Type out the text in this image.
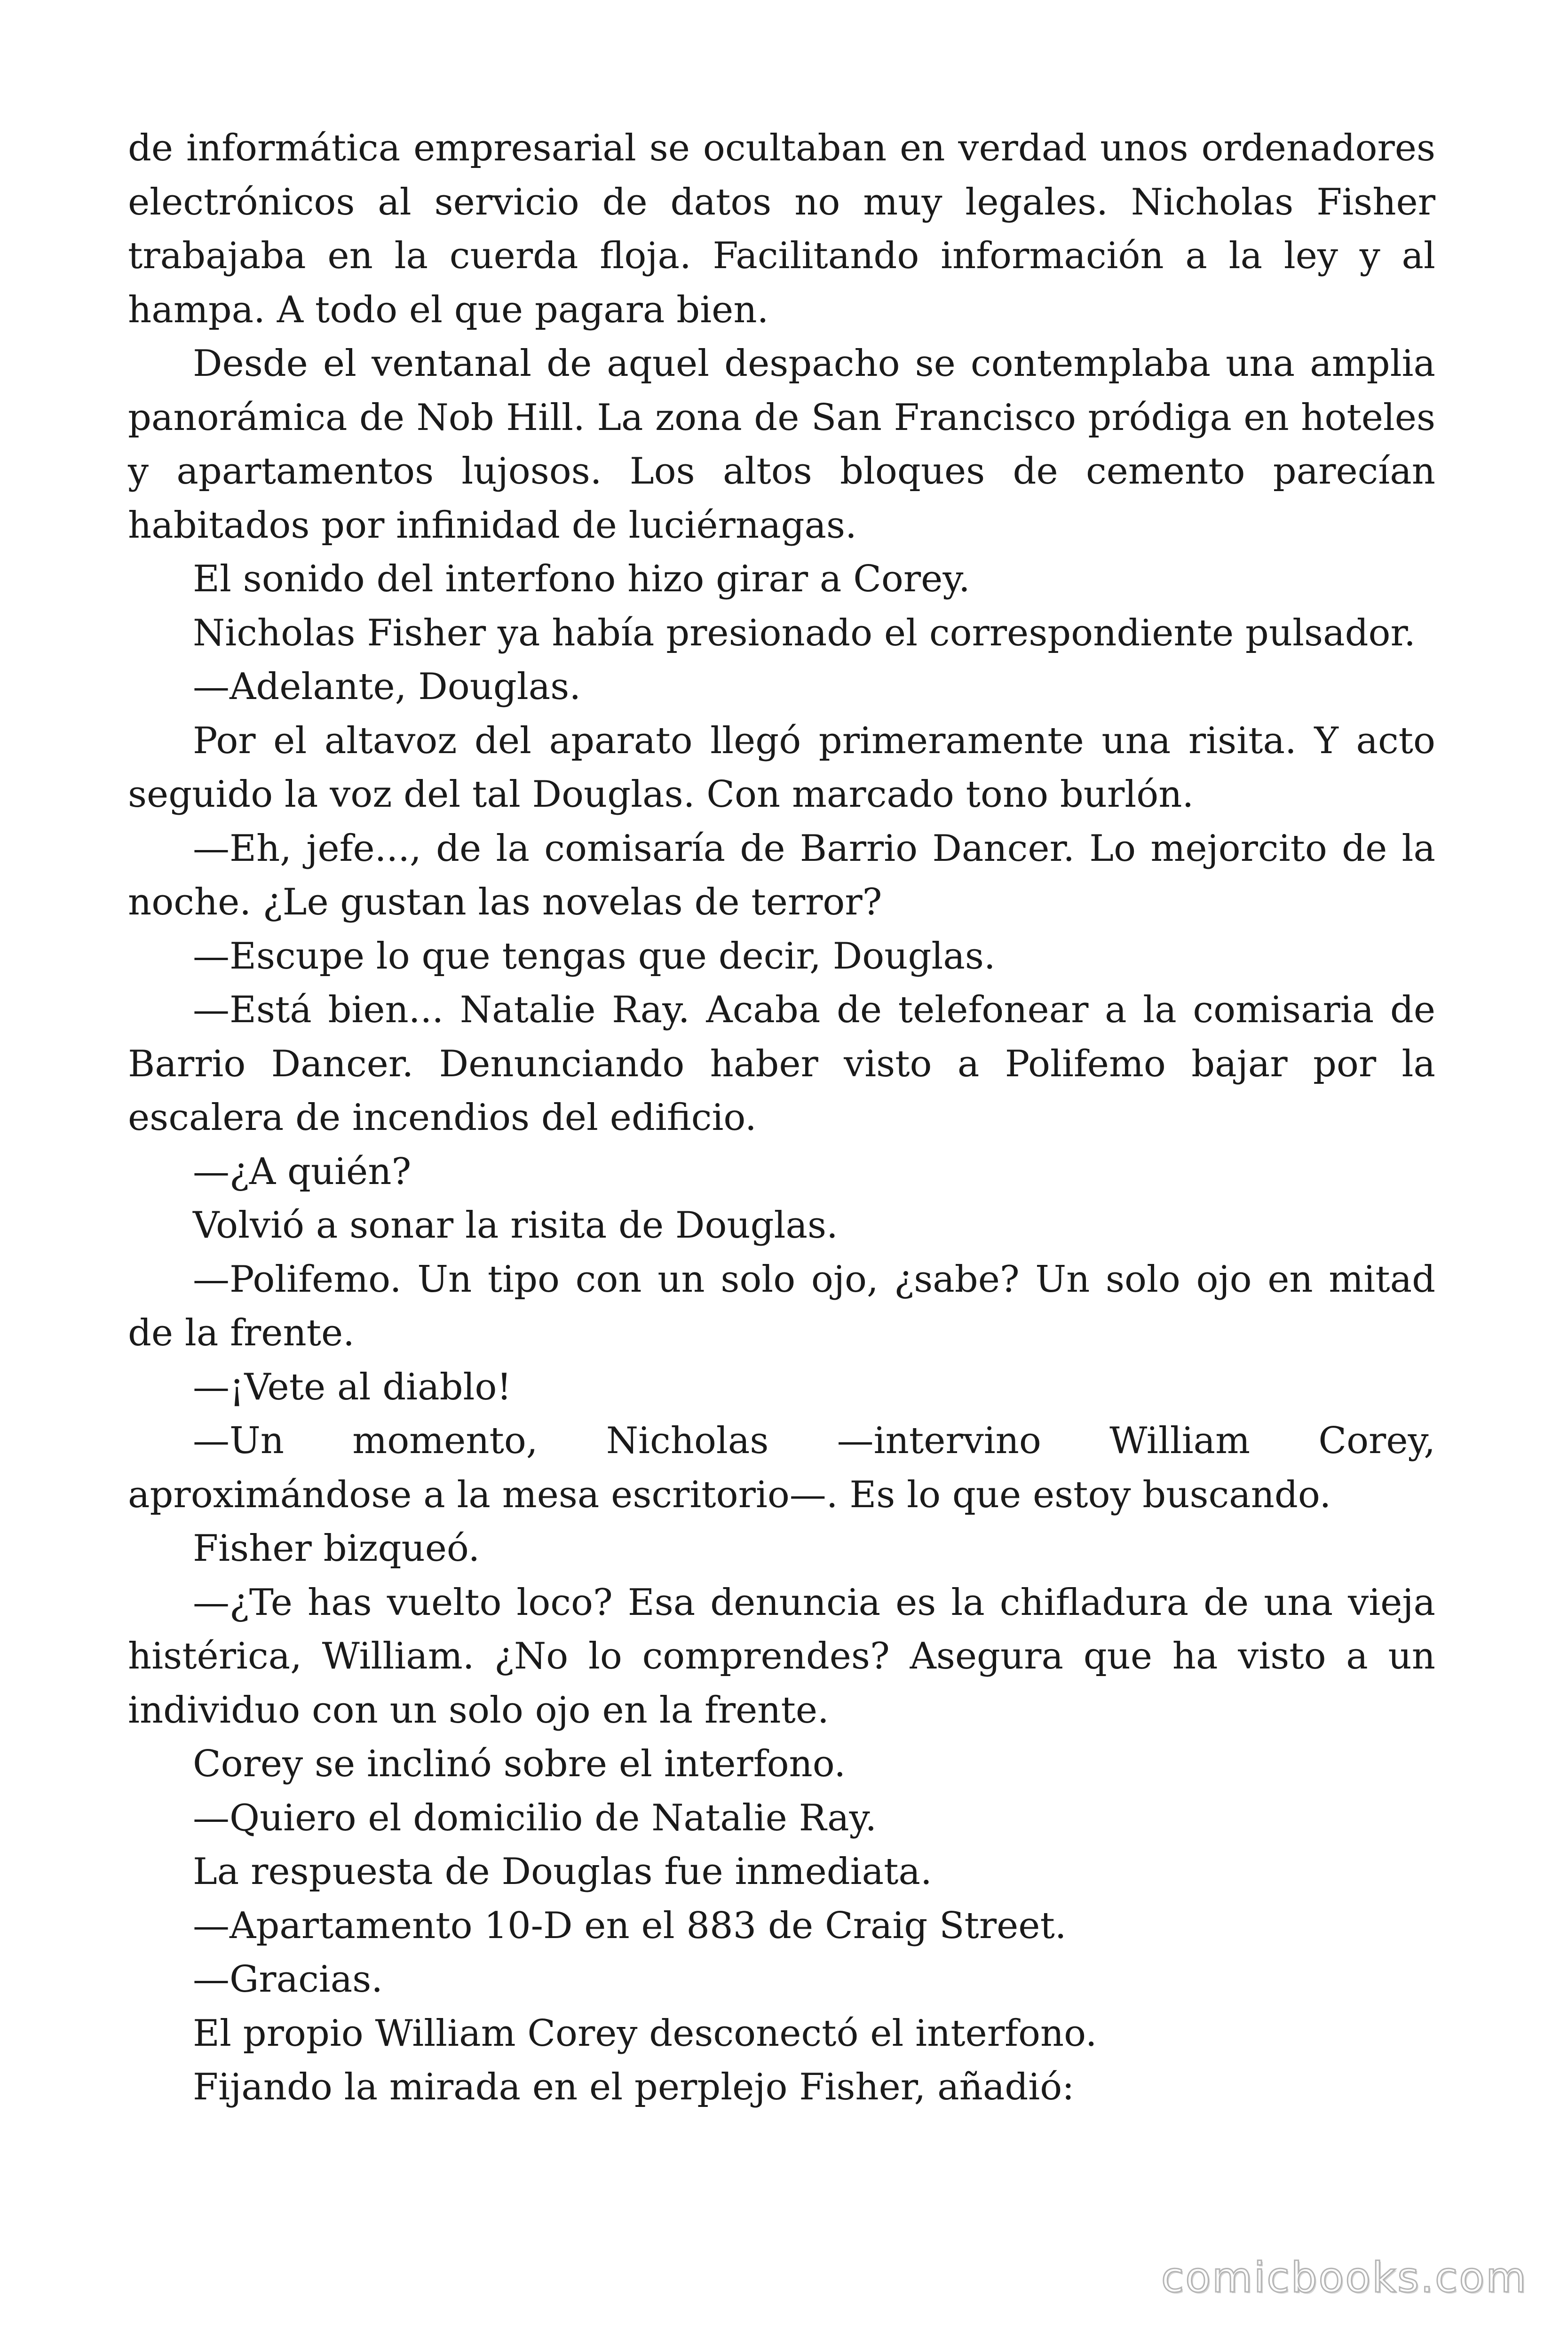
de informática empresarial se ocultaban en verdad unos ordenadores electrónicos al servicio de datos no muy legales. Nicholas Fisher trabajaba en la cuerda floja. Facilitando información a la ley y al hampa. A todo el que pagara bien.

Desde el ventanal de aquel despacho se contemplaba una amplia panorámica de Nob Hill. La zona de San Francisco pródiga en hoteles y apartamentos lujosos. Los altos bloques de cemento parecían habitados por infinidad de luciérnagas.

El sonido del interfono hizo girar a Corey.

Nicholas Fisher ya había presionado el correspondiente pulsador.

—Adelante, Douglas.

Por el altavoz del aparato llegó primeramente una risita. Y acto seguido la voz del tal Douglas. Con marcado tono burlón.

—Eh, jefe..., de la comisaría de Barrio Dancer. Lo mejorcito de la noche. ¿Le gustan las novelas de terror?

—Escupe lo que tengas que decir, Douglas.

—Está bien... Natalie Ray. Acaba de telefonear a la comisaria de Barrio Dancer. Denunciando haber visto a Polifemo bajar por la escalera de incendios del edificio.

—¿A quién?

Volvió a sonar la risita de Douglas.

—Polifemo. Un tipo con un solo ojo, ¿sabe? Un solo ojo en mitad de la frente.

—¡Vete al diablo!

—Un momento, Nicholas —intervino William Corey, aproximándose a la mesa escritorio—. Es lo que estoy buscando.

Fisher bizqueó.

—¿Te has vuelto loco? Esa denuncia es la chifladura de una vieja histérica, William. ¿No lo comprendes? Asegura que ha visto a un individuo con un solo ojo en la frente.

Corey se inclinó sobre el interfono.

—Quiero el domicilio de Natalie Ray.

La respuesta de Douglas fue inmediata.

—Apartamento 10-D en el 883 de Craig Street.

—Gracias.

El propio William Corey desconectó el interfono.

Fijando la mirada en el perplejo Fisher, añadió:

comicbooks.com
